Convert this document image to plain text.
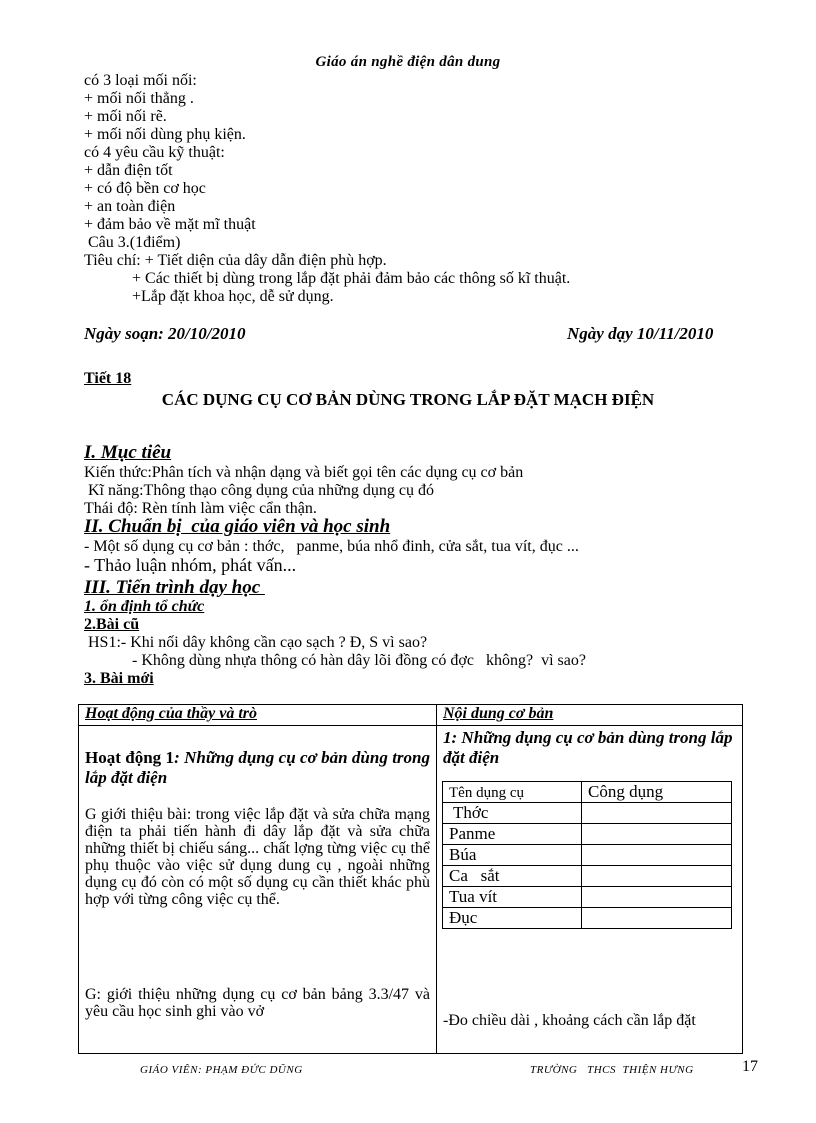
Giáo án nghề điện dân dung
có 3 loại mối nối:
+ mối nối thẳng .
+ mối nối rẽ.
+ mối nối dùng phụ kiện.
có 4 yêu cầu kỹ thuật:
+ dẫn điện tốt
+ có độ bền cơ học
+ an toàn điện
+ đảm bảo về mặt mĩ thuật
Câu 3.(1điểm)
Tiêu chí: + Tiết diện của dây dẫn điện phù hợp.
+ Các thiết bị dùng trong lắp đặt phải đảm bảo các thông số kĩ thuật.
+Lắp đặt khoa học, dễ sử dụng.
Ngày soạn: 20/10/2010	Ngày dạy 10/11/2010
Tiết 18
CÁC DỤNG CỤ CƠ BẢN DÙNG TRONG LẮP ĐẶT MẠCH ĐIỆN
I. Mục tiêu
Kiến thức:Phân tích và nhận dạng và biết gọi tên các dụng cụ cơ bản
Kĩ năng:Thông thạo công dụng của những dụng cụ đó
Thái độ: Rèn tính làm việc cẩn thận.
II. Chuẩn bị  của giáo viên và học sinh
- Một số dụng cụ cơ bản : thớc,   panme, búa nhổ đinh, cửa sắt, tua vít, đục ...
- Thảo luận nhóm, phát vấn...
III. Tiến trình dạy học
1. ổn định tổ chức
2.Bài cũ
HS1:- Khi nối dây không cần cạo sạch ? Đ, S vì sao?
- Không dùng nhựa thông có hàn dây lõi đồng có đợc   không?  vì sao?
3. Bài mới
Hoạt động của thầy và trò	Nội dung cơ bản

Hoạt động 1: Những dụng cụ cơ bản dùng trong lắp đặt điện
G giới thiệu bài: trong việc lắp đặt và sửa chữa mạng điện ta phải tiến hành đi dây lắp đặt và sửa chữa những thiết bị chiếu sáng... chất lợng từng việc cụ thể phụ thuộc vào việc sử dụng dung cụ , ngoài những dụng cụ đó còn có một số dụng cụ cần thiết khác phù hợp với từng công việc cụ thể.
G: giới thiệu những dụng cụ cơ bản bảng 3.3/47 và yêu cầu học sinh ghi vào vở

1: Những dụng cụ cơ bản dùng trong lắp đặt điện
Tên dụng cụ	Công dụng
Thớc	
Panme	
Búa	
Ca   sắt	
Tua vít	
Đục	
-Đo chiều dài , khoảng cách cần lắp đặt
GIÁO VIÊN: PHẠM ĐỨC DŨNG	TRƯỜNG   THCS  THIỆN HƯNG	17
